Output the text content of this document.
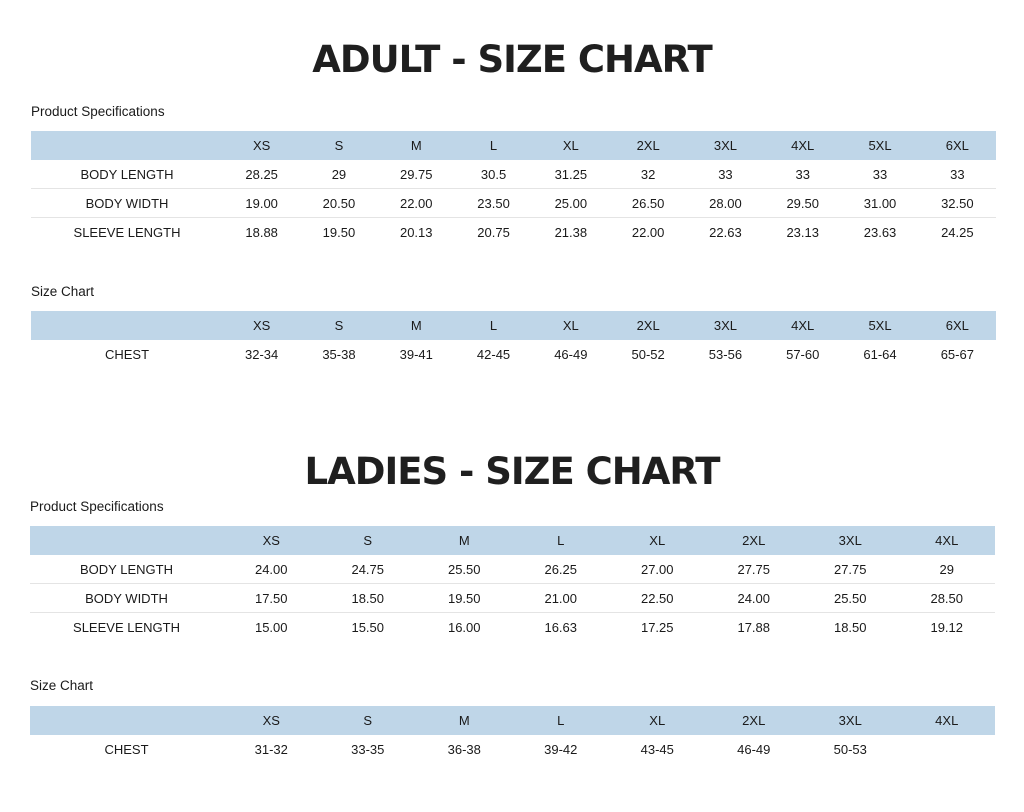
ADULT - SIZE CHART

Product Specifications

	XS	S	M	L	XL	2XL	3XL	4XL	5XL	6XL
BODY LENGTH	28.25	29	29.75	30.5	31.25	32	33	33	33	33
BODY WIDTH	19.00	20.50	22.00	23.50	25.00	26.50	28.00	29.50	31.00	32.50
SLEEVE LENGTH	18.88	19.50	20.13	20.75	21.38	22.00	22.63	23.13	23.63	24.25

Size Chart

	XS	S	M	L	XL	2XL	3XL	4XL	5XL	6XL
CHEST	32-34	35-38	39-41	42-45	46-49	50-52	53-56	57-60	61-64	65-67
LADIES - SIZE CHART

Product Specifications

	XS	S	M	L	XL	2XL	3XL	4XL
BODY LENGTH	24.00	24.75	25.50	26.25	27.00	27.75	27.75	29
BODY WIDTH	17.50	18.50	19.50	21.00	22.50	24.00	25.50	28.50
SLEEVE LENGTH	15.00	15.50	16.00	16.63	17.25	17.88	18.50	19.12

Size Chart

	XS	S	M	L	XL	2XL	3XL	4XL
CHEST	31-32	33-35	36-38	39-42	43-45	46-49	50-53	
